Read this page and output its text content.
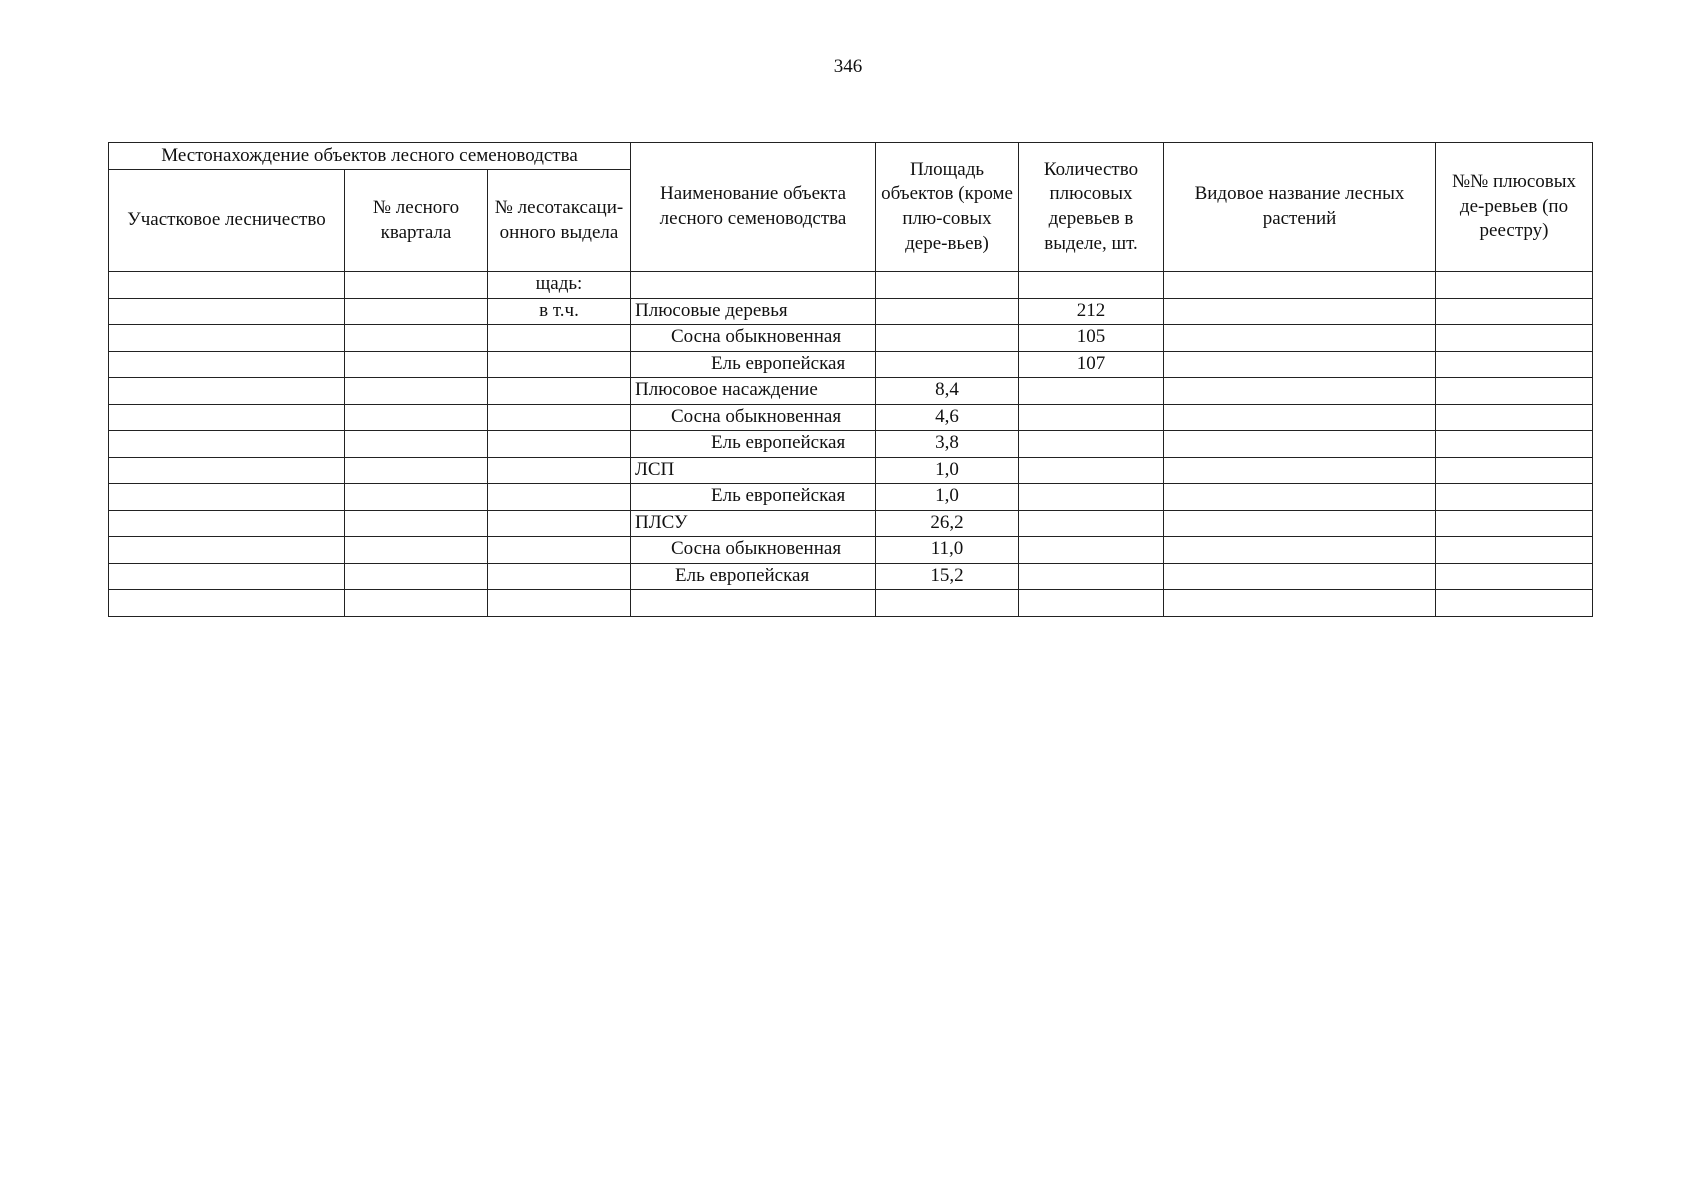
346
Местонахождение объектов лесного семеноводства			Наименование объекта лесного семеноводства	Площадь объектов (кроме плю-совых дере-вьев)	Количество плюсовых деревьев в выделе, шт.	Видовое название лесных растений	№№ плюсовых де-ревьев (по реестру)
Участковое лесничество	№ лесного квартала	№ лесотаксаци-онного выдела					
		щадь:					
		в т.ч.	Плюсовые деревья		212		
			Сосна обыкновенная		105		
			Ель европейская		107		
			Плюсовое насаждение	8,4			
			Сосна обыкновенная	4,6			
			Ель европейская	3,8			
			ЛСП	1,0			
			Ель европейская	1,0			
			ПЛСУ	26,2			
			Сосна обыкновенная	11,0			
			Ель европейская	15,2			
